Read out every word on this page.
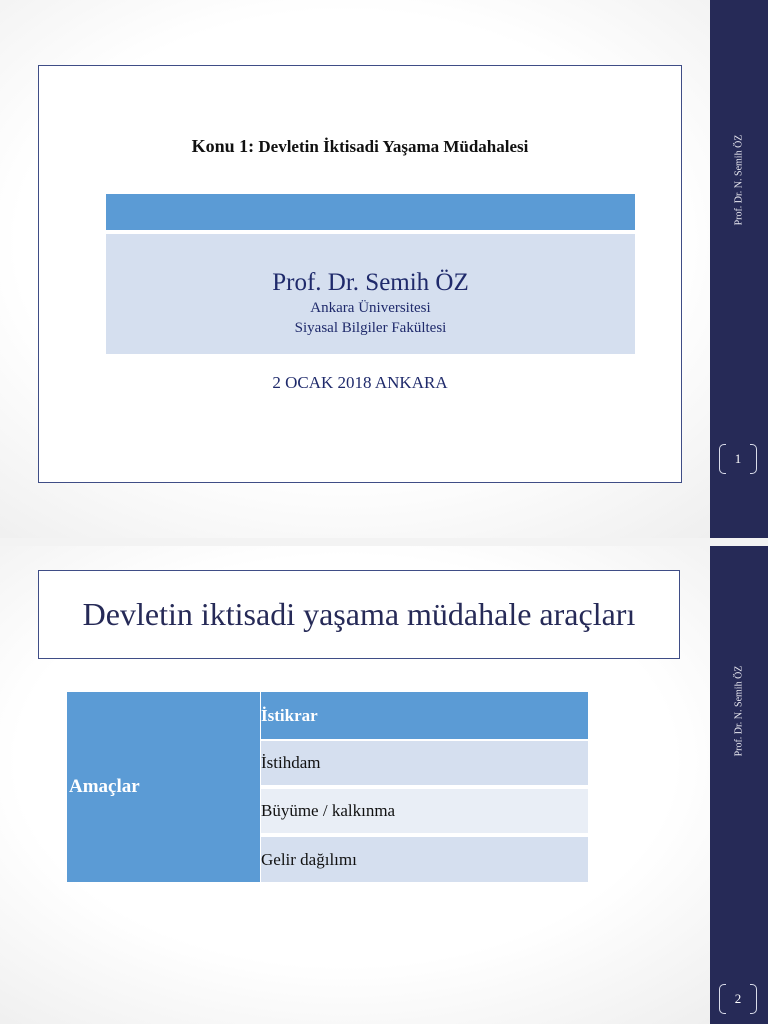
Konu 1: Devletin İktisadi Yaşama Müdahalesi
Prof. Dr. Semih ÖZ
Ankara Üniversitesi
Siyasal Bilgiler Fakültesi
2 OCAK 2018 ANKARA
Prof. Dr. N. Semih ÖZ
1
Devletin iktisadi yaşama müdahale araçları
Amaçlar
İstikrar
İstihdam
Büyüme / kalkınma
Gelir dağılımı
Prof. Dr. N. Semih ÖZ
2
